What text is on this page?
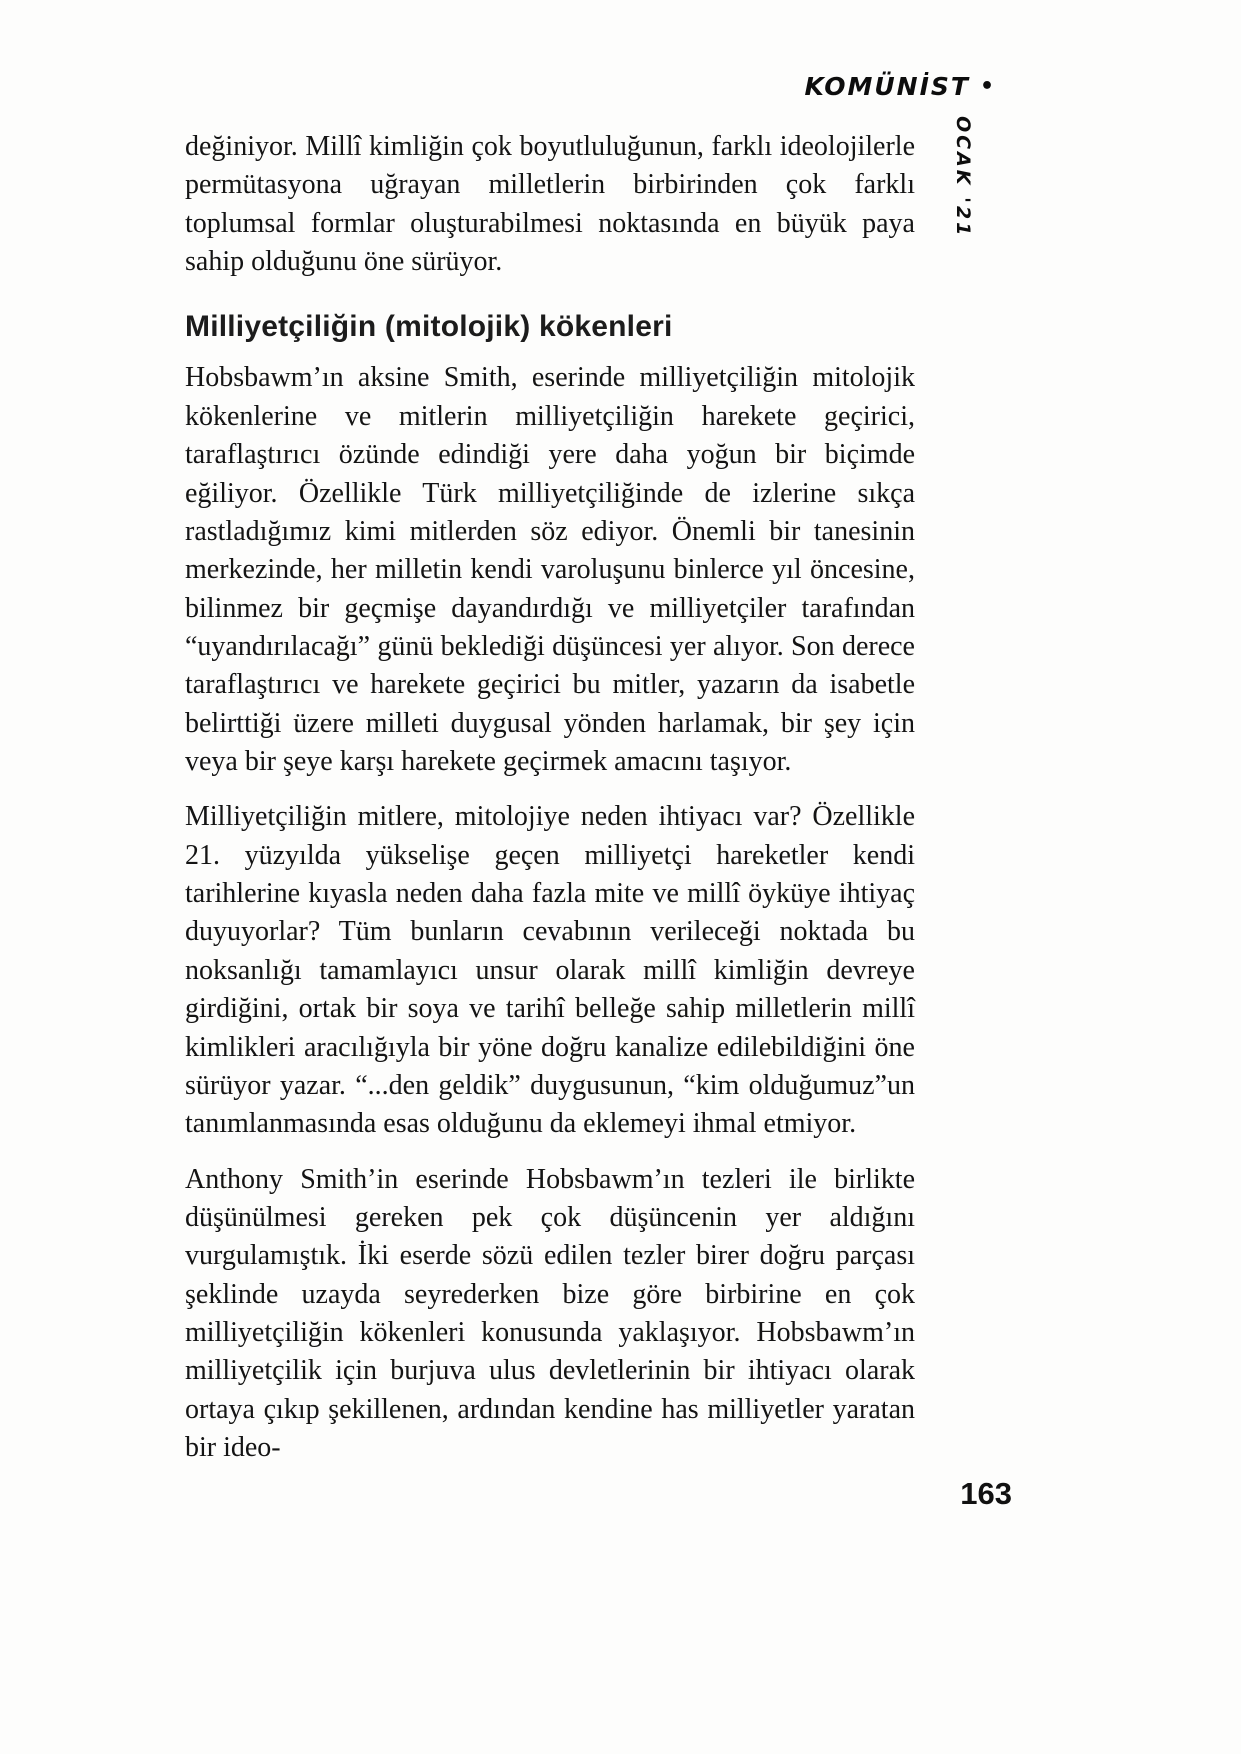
KOMÜNİST •
OCAK '21

değiniyor. Millî kimliğin çok boyutluluğunun, farklı ideolojilerle permütasyona uğrayan milletlerin birbirinden çok farklı toplumsal formlar oluşturabilmesi noktasında en büyük paya sahip olduğunu öne sürüyor.

Milliyetçiliğin (mitolojik) kökenleri

Hobsbawm’ın aksine Smith, eserinde milliyetçiliğin mitolojik kökenlerine ve mitlerin milliyetçiliğin harekete geçirici, taraflaştırıcı özünde edindiği yere daha yoğun bir biçimde eğiliyor. Özellikle Türk milliyetçiliğinde de izlerine sıkça rastladığımız kimi mitlerden söz ediyor. Önemli bir tanesinin merkezinde, her milletin kendi varoluşunu binlerce yıl öncesine, bilinmez bir geçmişe dayandırdığı ve milliyetçiler tarafından “uyandırılacağı” günü beklediği düşüncesi yer alıyor. Son derece taraflaştırıcı ve harekete geçirici bu mitler, yazarın da isabetle belirttiği üzere milleti duygusal yönden harlamak, bir şey için veya bir şeye karşı harekete geçirmek amacını taşıyor.

Milliyetçiliğin mitlere, mitolojiye neden ihtiyacı var? Özellikle 21. yüzyılda yükselişe geçen milliyetçi hareketler kendi tarihlerine kıyasla neden daha fazla mite ve millî öyküye ihtiyaç duyuyorlar? Tüm bunların cevabının verileceği noktada bu noksanlığı tamamlayıcı unsur olarak millî kimliğin devreye girdiğini, ortak bir soya ve tarihî belleğe sahip milletlerin millî kimlikleri aracılığıyla bir yöne doğru kanalize edilebildiğini öne sürüyor yazar. “...den geldik” duygusunun, “kim olduğumuz”un tanımlanmasında esas olduğunu da eklemeyi ihmal etmiyor.

Anthony Smith’in eserinde Hobsbawm’ın tezleri ile birlikte düşünülmesi gereken pek çok düşüncenin yer aldığını vurgulamıştık. İki eserde sözü edilen tezler birer doğru parçası şeklinde uzayda seyrederken bize göre birbirine en çok milliyetçiliğin kökenleri konusunda yaklaşıyor. Hobsbawm’ın milliyetçilik için burjuva ulus devletlerinin bir ihtiyacı olarak ortaya çıkıp şekillenen, ardından kendine has milliyetler yaratan bir ideo-

163
